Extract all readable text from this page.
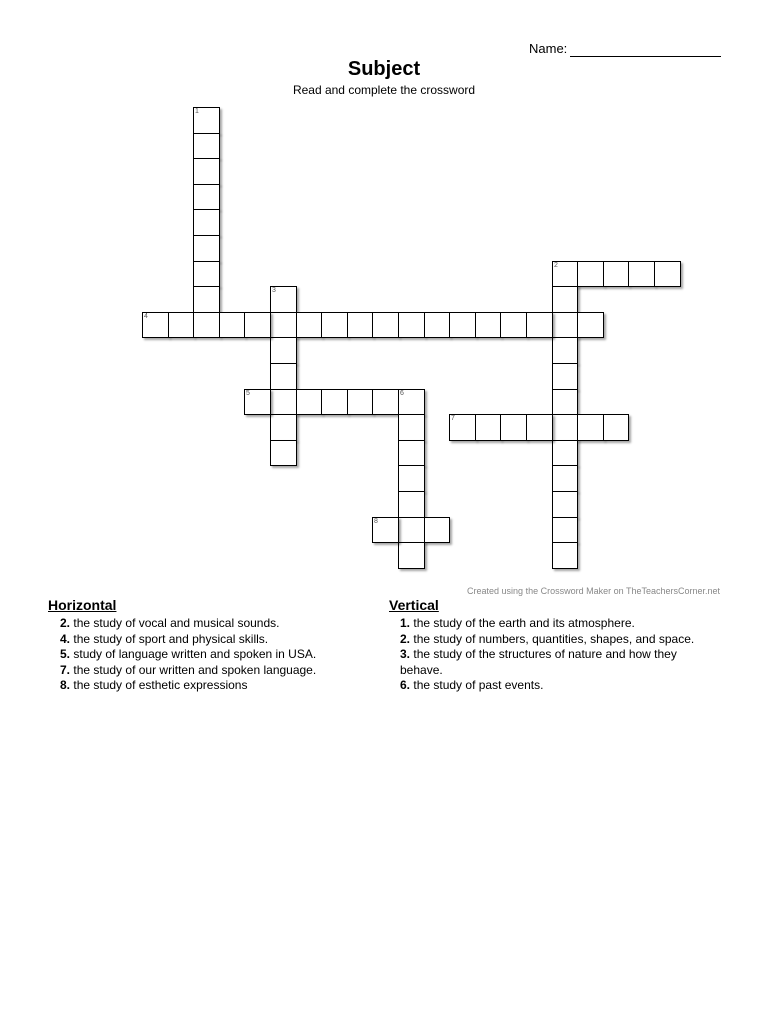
Name:
Subject
Read and complete the crossword
1
2
3
4
5	6
7
8
Created using the Crossword Maker on TheTeachersCorner.net
Horizontal
2. the study of vocal and musical sounds.
4. the study of sport and physical skills.
5. study of language written and spoken in USA.
7. the study of our written and spoken language.
8. the study of esthetic expressions
Vertical
1. the study of the earth and its atmosphere.
2. the study of numbers, quantities, shapes, and space.
3. the study of the structures of nature and how they behave.
6. the study of past events.
